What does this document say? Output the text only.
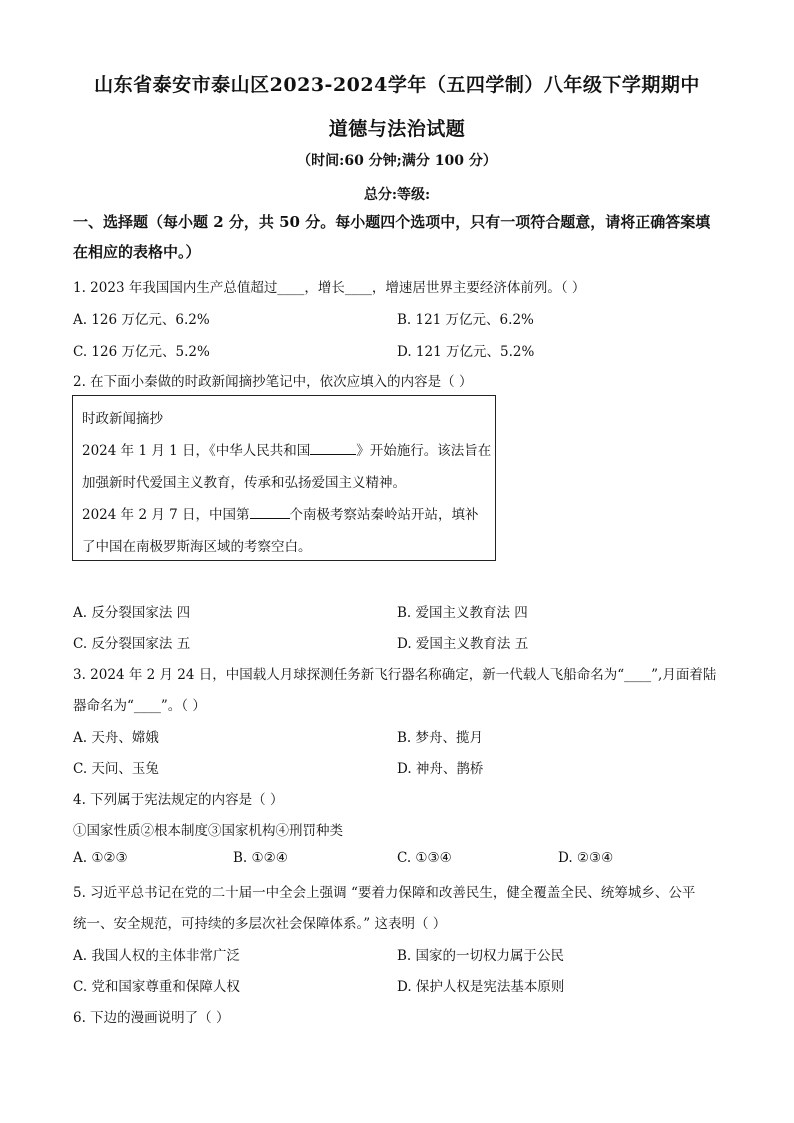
山东省泰安市泰山区2023-2024学年（五四学制）八年级下学期期中
道德与法治试题
（时间:60 分钟;满分 100 分）
总分:等级:
一、选择题（每小题 2 分，共 50 分。每小题四个选项中，只有一项符合题意，请将正确答案填在相应的表格中。）
1. 2023 年我国国内生产总值超过____，增长____，增速居世界主要经济体前列。（ ）
A. 126 万亿元、6.2%	B. 121 万亿元、6.2%
C. 126 万亿元、5.2%	D. 121 万亿元、5.2%
2. 在下面小秦做的时政新闻摘抄笔记中，依次应填入的内容是（ ）
时政新闻摘抄
2024 年 1 月 1 日，《中华人民共和国	》开始施行。该法旨在
加强新时代爱国主义教育，传承和弘扬爱国主义精神。
2024 年 2 月 7 日，中国第	个南极考察站秦岭站开站，填补
了中国在南极罗斯海区域的考察空白。
A. 反分裂国家法 四	B. 爱国主义教育法 四
C. 反分裂国家法 五	D. 爱国主义教育法 五
3. 2024 年 2 月 24 日，中国载人月球探测任务新飞行器名称确定，新一代载人飞船命名为“____”,月面着陆
器命名为“____”。（ ）
A. 天舟、嫦娥	B. 梦舟、揽月
C. 天问、玉兔	D. 神舟、鹊桥
4. 下列属于宪法规定的内容是（ ）
①国家性质②根本制度③国家机构④刑罚种类
A. ①②③	B. ①②④	C. ①③④	D. ②③④
5. 习近平总书记在党的二十届一中全会上强调 “要着力保障和改善民生，健全覆盖全民、统筹城乡、公平
统一、安全规范，可持续的多层次社会保障体系。” 这表明（ ）
A. 我国人权的主体非常广泛	B. 国家的一切权力属于公民
C. 党和国家尊重和保障人权	D. 保护人权是宪法基本原则
6. 下边的漫画说明了（ ）
